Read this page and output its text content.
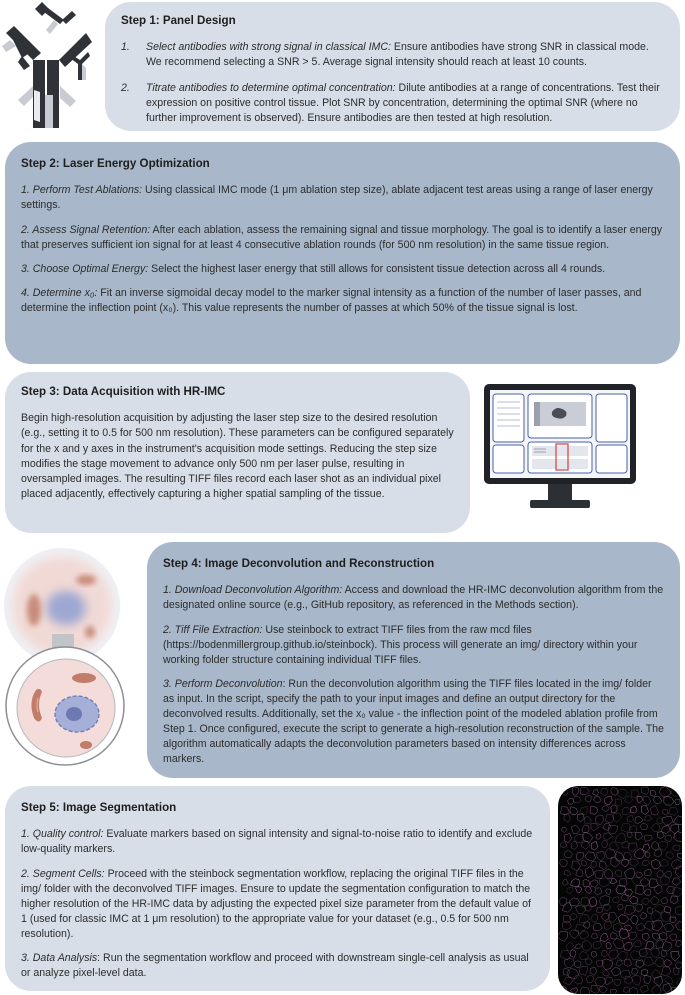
Step 1: Panel Design
1.	Select antibodies with strong signal in classical IMC: Ensure antibodies have strong SNR in classical mode. We recommend selecting a SNR > 5. Average signal intensity should reach at least 10 counts.
2.	Titrate antibodies to determine optimal concentration: Dilute antibodies at a range of concentrations. Test their expression on positive control tissue. Plot SNR by concentration, determining the optimal SNR (where no further improvement is observed). Ensure antibodies are then tested at high resolution.
Step 2: Laser Energy Optimization

1. Perform Test Ablations: Using classical IMC mode (1 μm ablation step size), ablate adjacent test areas using a range of laser energy settings.

2. Assess Signal Retention: After each ablation, assess the remaining signal and tissue morphology. The goal is to identify a laser energy that preserves sufficient ion signal for at least 4 consecutive ablation rounds (for 500 nm resolution) in the same tissue region.

3. Choose Optimal Energy: Select the highest laser energy that still allows for consistent tissue detection across all 4 rounds.

4. Determine x₀: Fit an inverse sigmoidal decay model to the marker signal intensity as a function of the number of laser passes, and determine the inflection point (x₀). This value represents the number of passes at which 50% of the tissue signal is lost.

Step 3: Data Acquisition with HR-IMC

Begin high-resolution acquisition by adjusting the laser step size to the desired resolution (e.g., setting it to 0.5 for 500 nm resolution). These parameters can be configured separately for the x and y axes in the instrument's acquisition mode settings. Reducing the step size modifies the stage movement to advance only 500 nm per laser pulse, resulting in oversampled images. The resulting TIFF files record each laser shot as an individual pixel placed adjacently, effectively capturing a higher spatial sampling of the tissue.

Step 4: Image Deconvolution and Reconstruction

1. Download Deconvolution Algorithm: Access and download the HR-IMC deconvolution algorithm from the designated online source (e.g., GitHub repository, as referenced in the Methods section).

2. Tiff File Extraction: Use steinbock to extract TIFF files from the raw mcd files (https://bodenmillergroup.github.io/steinbock). This process will generate an img/ directory within your working folder structure containing individual TIFF files.

3. Perform Deconvolution: Run the deconvolution algorithm using the TIFF files located in the img/ folder as input. In the script, specify the path to your input images and define an output directory for the deconvolved results. Additionally, set the x₀ value - the inflection point of the modeled ablation profile from Step 1. Once configured, execute the script to generate a high-resolution reconstruction of the sample. The algorithm automatically adapts the deconvolution parameters based on intensity differences across markers.

Step 5: Image Segmentation

1. Quality control: Evaluate markers based on signal intensity and signal-to-noise ratio to identify and exclude low-quality markers.

2. Segment Cells: Proceed with the steinbock segmentation workflow, replacing the original TIFF files in the img/ folder with the deconvolved TIFF images. Ensure to update the segmentation configuration to match the higher resolution of the HR-IMC data by adjusting the expected pixel size parameter from the default value of 1 (used for classic IMC at 1 μm resolution) to the appropriate value for your dataset (e.g., 0.5 for 500 nm resolution).

3. Data Analysis: Run the segmentation workflow and proceed with downstream single-cell analysis as usual or analyze pixel-level data.
